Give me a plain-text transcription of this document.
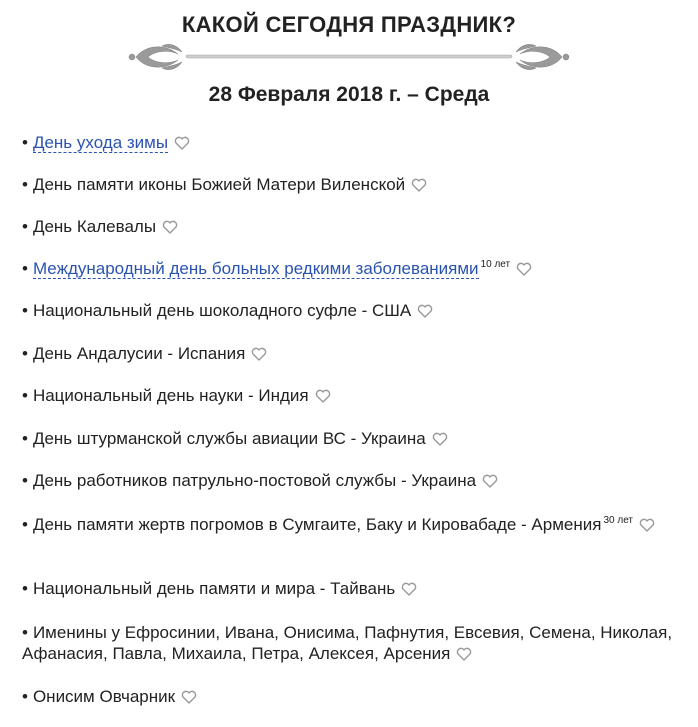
КАКОЙ СЕГОДНЯ ПРАЗДНИК?
28 Февраля 2018 г. – Среда
• День ухода зимы
• День памяти иконы Божией Матери Виленской
• День Калевалы
• Международный день больных редкими заболеваниями $^{10 лет}$
• Национальный день шоколадного суфле - США
• День Андалусии - Испания
• Национальный день науки - Индия
• День штурманской службы авиации ВС - Украина
• День работников патрульно-постовой службы - Украина
• День памяти жертв погромов в Сумгаите, Баку и Кировабаде - Армения $^{30 лет}$
• Национальный день памяти и мира - Тайвань
• Именины у Ефросинии, Ивана, Онисима, Пафнутия, Евсевия, Семена, Николая, Афанасия, Павла, Михаила, Петра, Алексея, Арсения
• Онисим Овчарник
